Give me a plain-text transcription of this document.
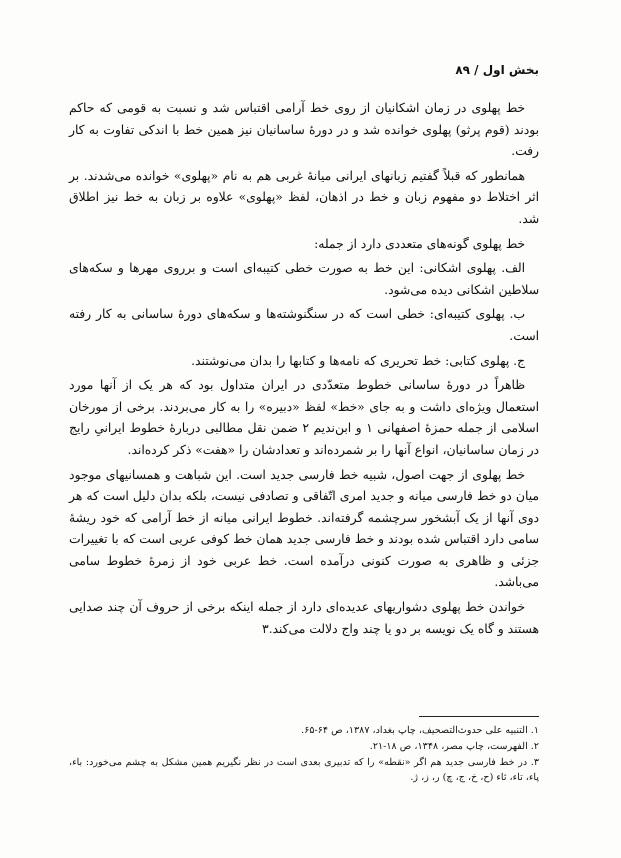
بخش اول / ۸۹

خط پهلوی در زمان اشکانیان از روی خط آرامی اقتباس شد و نسبت به قومی که حاکم بودند (قوم پرثو) پهلوی خوانده شد و در دورهٔ ساسانیان نیز همین خط با اندکی تفاوت به کار رفت.

همانطور که قبلاً گفتیم زبانهای ایرانی میانهٔ غربی هم به نام «پهلوی» خوانده می‌شدند. بر اثر اختلاط دو مفهوم زبان و خط در اذهان، لفظ «پهلوی» علاوه بر زبان به خط نیز اطلاق شد.

خط پهلوی گونه‌های متعددی دارد از جمله:

الف. پهلوی اشکانی: این خط به صورت خطی کتیبه‌ای است و برروی مهرها و سکه‌های سلاطین اشکانی دیده می‌شود.

ب. پهلوی کتیبه‌ای: خطی است که در سنگنوشته‌ها و سکه‌های دورهٔ ساسانی به کار رفته است.

ج. پهلوی کتابی: خط تحریری که نامه‌ها و کتابها را بدان می‌نوشتند.

ظاهراً در دورهٔ ساسانی خطوط متعدّدی در ایران متداول بود که هر یک از آنها مورد استعمال ویژه‌ای داشت و به جای «خط» لفظ «دبیره» را به کار می‌بردند. برخی از مورخان اسلامی از جمله حمزهٔ اصفهانی ۱ و ابن‌ندیم ۲ ضمن نقل مطالبی دربارهٔ خطوط ایرانیِ رایج در زمان ساسانیان، انواع آنها را بر شمرده‌اند و تعدادشان را «هفت» ذکر کرده‌اند.

خط پهلوی از جهت اصول، شبیه خط فارسی جدید است. این شباهت و همسانیهای موجود میان دو خط فارسی میانه و جدید امری اتّفاقی و تصادفی نیست، بلکه بدان دلیل است که هر دوی آنها از یک آبشخور سرچشمه گرفته‌اند. خطوط ایرانی میانه از خط آرامی که خود ریشهٔ سامی دارد اقتباس شده بودند و خط فارسی جدید همان خط کوفی عربی است که با تغییرات جزئی و ظاهری به صورت کنونی درآمده است. خط عربی خود از زمرهٔ خطوط سامی می‌باشد.

خواندن خط پهلوی دشواریهای عدیده‌ای دارد از جمله اینکه برخی از حروف آن چند صدایی هستند و گاه یک نویسه بر دو یا چند واج دلالت می‌کند.۳

۱. التنبیه علی حدوث‌التصحیف، چاپ بغداد، ۱۳۸۷، ص ۶۴-۶۵.

۲. الفهرست، چاپ مصر، ۱۳۴۸، ص ۱۸-۲۱.

۳. در خط فارسی جدید هم اگر «نقطه» را که تدبیری بعدی است در نظر نگیریم همین مشکل به چشم می‌خورد: باء، پاء، تاء، ثاء (ح، خ، ج، چ) ر، ز، ژ.
